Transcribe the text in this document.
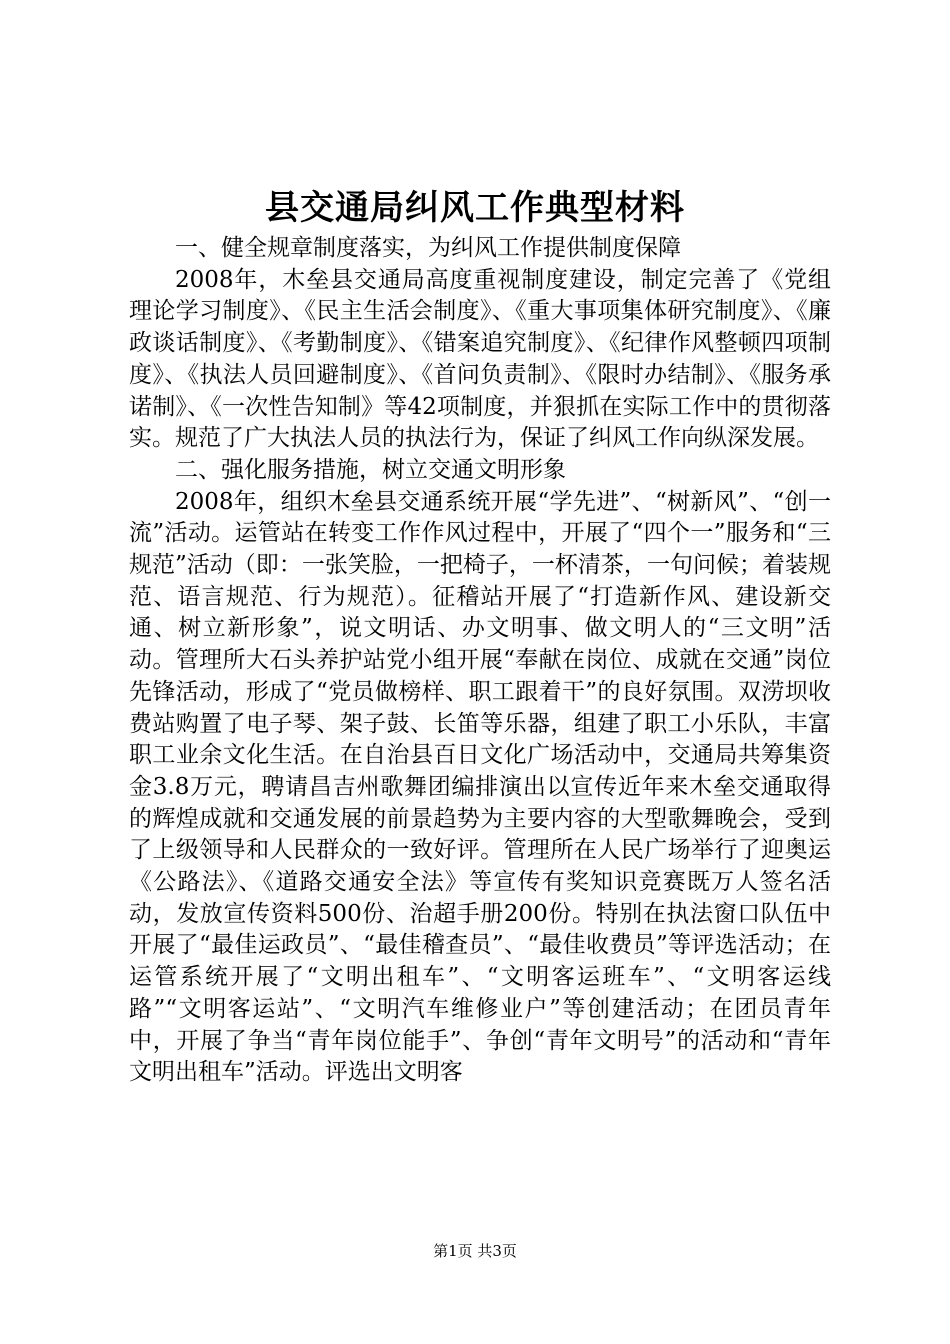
县交通局纠风工作典型材料

一、健全规章制度落实，为纠风工作提供制度保障

2008年，木垒县交通局高度重视制度建设，制定完善了《党组理论学习制度》、《民主生活会制度》、《重大事项集体研究制度》、《廉政谈话制度》、《考勤制度》、《错案追究制度》、《纪律作风整顿四项制度》、《执法人员回避制度》、《首问负责制》、《限时办结制》、《服务承诺制》、《一次性告知制》等42项制度，并狠抓在实际工作中的贯彻落实。规范了广大执法人员的执法行为，保证了纠风工作向纵深发展。

二、强化服务措施，树立交通文明形象

2008年，组织木垒县交通系统开展“学先进”、“树新风”、“创一流”活动。运管站在转变工作作风过程中，开展了“四个一”服务和“三规范”活动（即：一张笑脸，一把椅子，一杯清茶，一句问候；着装规范、语言规范、行为规范）。征稽站开展了“打造新作风、建设新交通、树立新形象”，说文明话、办文明事、做文明人的“三文明”活动。管理所大石头养护站党小组开展“奉献在岗位、成就在交通”岗位先锋活动，形成了“党员做榜样、职工跟着干”的良好氛围。双涝坝收费站购置了电子琴、架子鼓、长笛等乐器，组建了职工小乐队，丰富职工业余文化生活。在自治县百日文化广场活动中，交通局共筹集资金3.8万元，聘请昌吉州歌舞团编排演出以宣传近年来木垒交通取得的辉煌成就和交通发展的前景趋势为主要内容的大型歌舞晚会，受到了上级领导和人民群众的一致好评。管理所在人民广场举行了迎奥运《公路法》、《道路交通安全法》等宣传有奖知识竞赛既万人签名活动，发放宣传资料500份、治超手册200份。特别在执法窗口队伍中开展了“最佳运政员”、“最佳稽查员”、“最佳收费员”等评选活动；在运管系统开展了“文明出租车”、“文明客运班车”、“文明客运线路”“文明客运站”、“文明汽车维修业户”等创建活动；在团员青年中，开展了争当“青年岗位能手”、争创“青年文明号”的活动和“青年文明出租车”活动。评选出文明客

第1页 共3页
